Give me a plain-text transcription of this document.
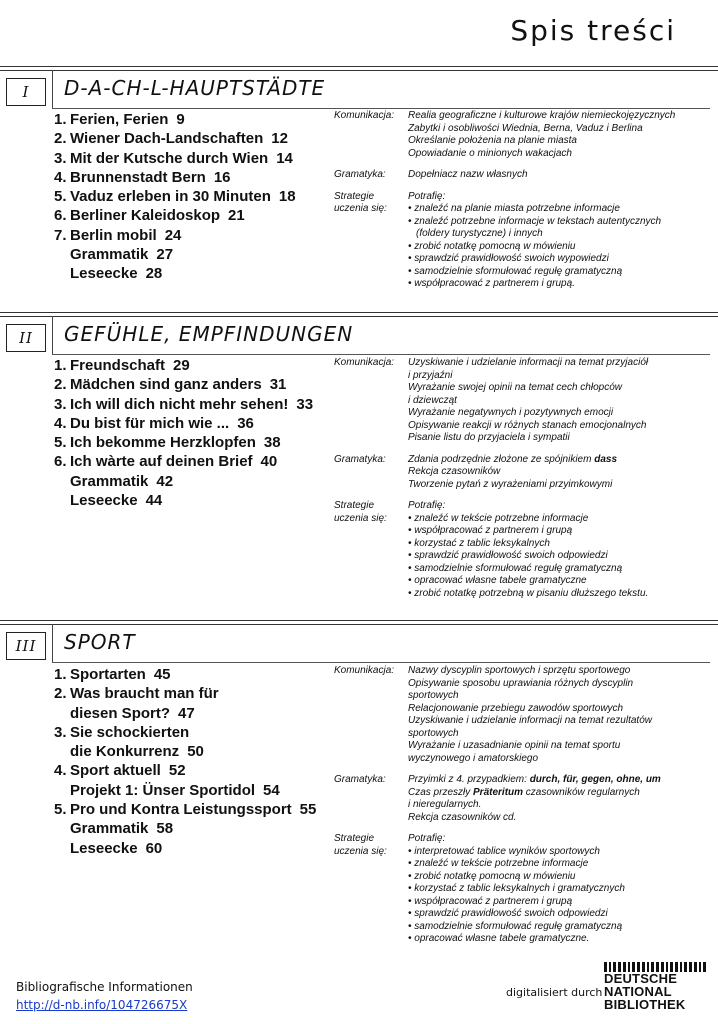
Spis treści
I	D-A-CH-L-HAUPTSTÄDTE
1. Ferien, Ferien 9
2. Wiener Dach-Landschaften 12
3. Mit der Kutsche durch Wien 14
4. Brunnenstadt Bern 16
5. Vaduz erleben in 30 Minuten 18
6. Berliner Kaleidoskop 21
7. Berlin mobil 24
Grammatik 27
Leseecke 28
Komunikacja:	Realia geograficzne i kulturowe krajów niemieckojęzycznych
Zabytki i osobliwości Wiednia, Berna, Vaduz i Berlina
Określanie położenia na planie miasta
Opowiadanie o minionych wakacjach
Gramatyka:	Dopełniacz nazw własnych
Strategie uczenia się:
Potrafię:
• znaleźć na planie miasta potrzebne informacje
• znaleźć potrzebne informacje w tekstach autentycznych
(foldery turystyczne) i innych
• zrobić notatkę pomocną w mówieniu
• sprawdzić prawidłowość swoich wypowiedzi
• samodzielnie sformułować regułę gramatyczną
• współpracować z partnerem i grupą.
II	GEFÜHLE, EMPFINDUNGEN
1. Freundschaft 29
2. Mädchen sind ganz anders 31
3. Ich will dich nicht mehr sehen! 33
4. Du bist für mich wie ... 36
5. Ich bekomme Herzklopfen 38
6. Ich wàrte auf deinen Brief 40
Grammatik 42
Leseecke 44
Komunikacja:	Uzyskiwanie i udzielanie informacji na temat przyjaciół
i przyjaźni
Wyrażanie swojej opinii na temat cech chłopców
i dziewcząt
Wyrażanie negatywnych i pozytywnych emocji
Opisywanie reakcji w różnych stanach emocjonalnych
Pisanie listu do przyjaciela i sympatii
Gramatyka:	Zdania podrzędnie złożone ze spójnikiem dass
Rekcja czasowników
Tworzenie pytań z wyrażeniami przyimkowymi
Strategie uczenia się:
Potrafię:
• znaleźć w tekście potrzebne informacje
• współpracować z partnerem i grupą
• korzystać z tablic leksykalnych
• sprawdzić prawidłowość swoich odpowiedzi
• samodzielnie sformułować regułę gramatyczną
• opracować własne tabele gramatyczne
• zrobić notatkę potrzebną w pisaniu dłuższego tekstu.
III	SPORT
1. Sportarten 45
2. Was braucht man für
diesen Sport? 47
3. Sie schockierten
die Konkurrenz 50
4. Sport aktuell 52
Projekt 1: Ünser Sportidol 54
5. Pro und Kontra Leistungssport 55
Grammatik 58
Leseecke 60
Komunikacja:	Nazwy dyscyplin sportowych i sprzętu sportowego
Opisywanie sposobu uprawiania różnych dyscyplin
sportowych
Relacjonowanie przebiegu zawodów sportowych
Uzyskiwanie i udzielanie informacji na temat rezultatów
sportowych
Wyrażanie i uzasadnianie opinii na temat sportu
wyczynowego i amatorskiego
Gramatyka:	Przyimki z 4. przypadkiem: durch, für, gegen, ohne, um
Czas przeszły Präteritum czasowników regularnych
i nieregularnych.
Rekcja czasowników cd.
Strategie uczenia się:
Potrafię:
• interpretować tablice wyników sportowych
• znaleźć w tekście potrzebne informacje
• zrobić notatkę pomocną w mówieniu
• korzystać z tablic leksykalnych i gramatycznych
• współpracować z partnerem i grupą
• sprawdzić prawidłowość swoich odpowiedzi
• samodzielnie sformułować regułę gramatyczną
• opracować własne tabele gramatyczne.
Bibliografische Informationen
http://d-nb.info/104726675X
digitalisiert durch
DEUTSCHE
NATIONAL
BIBLIOTHEK
